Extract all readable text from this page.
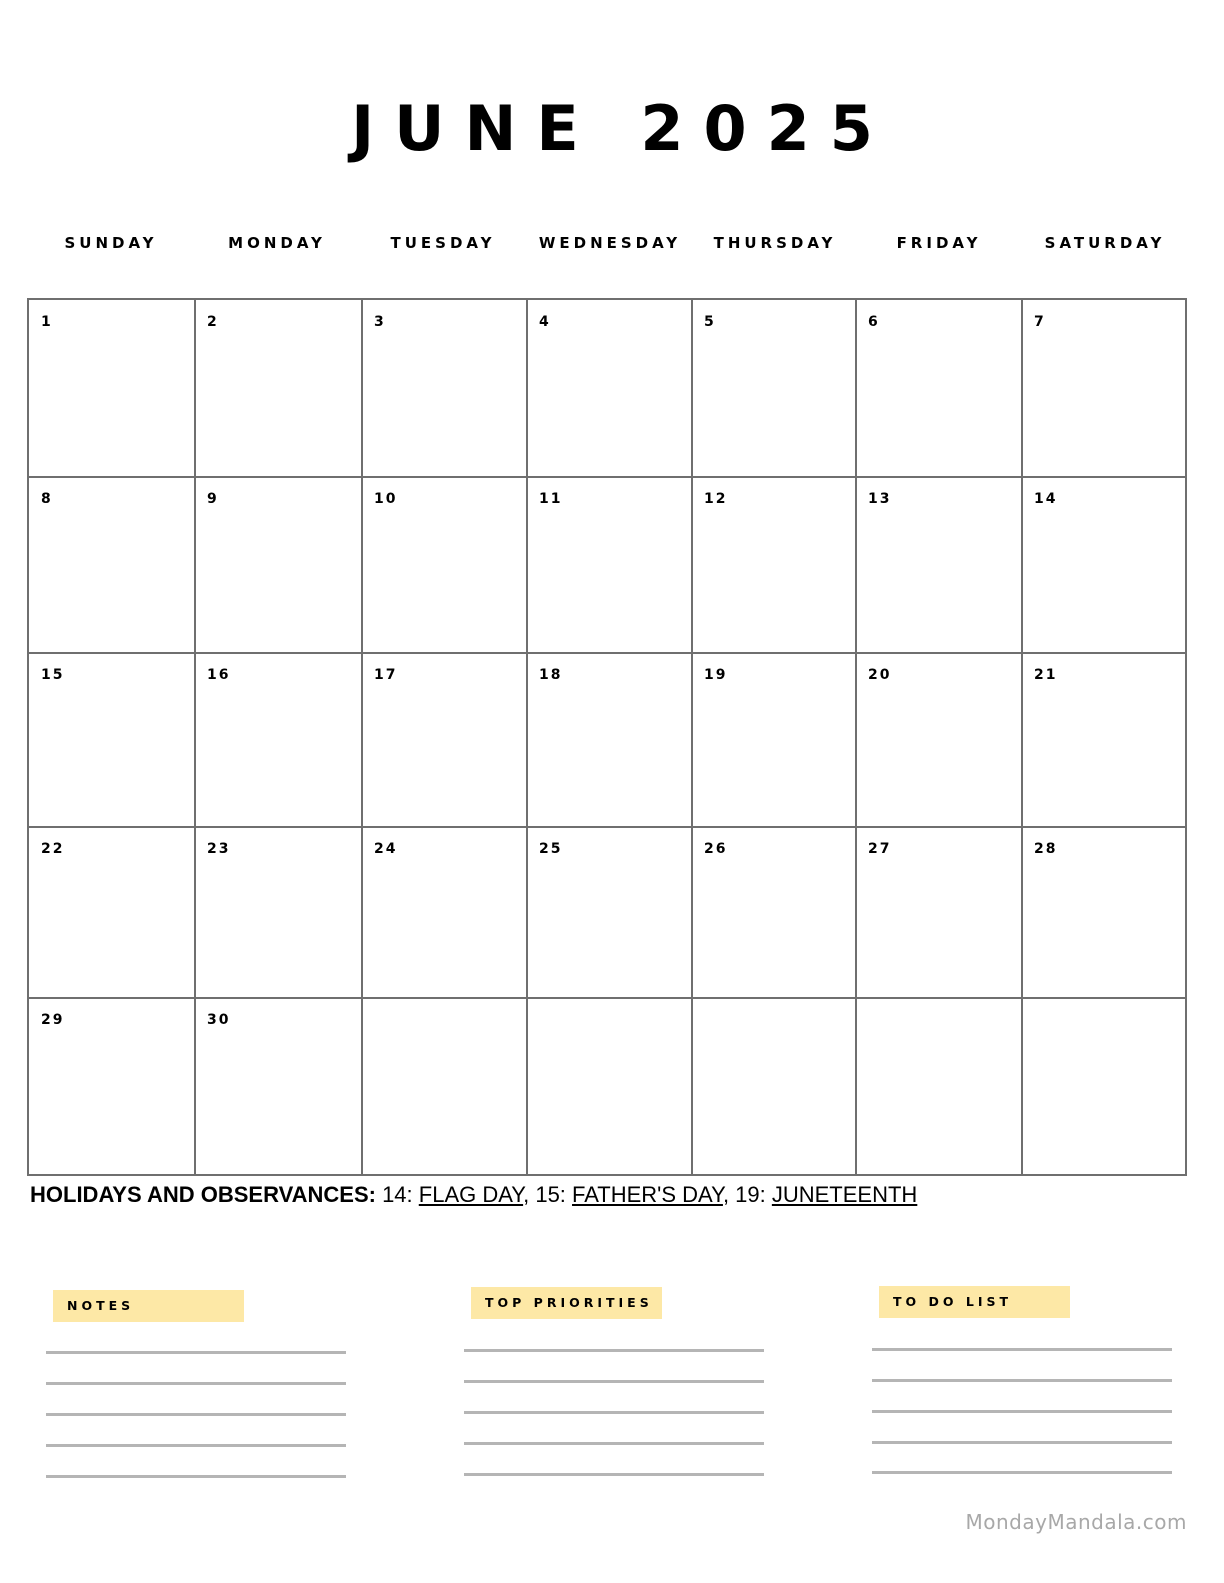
JUNE 2025
SUNDAY	MONDAY	TUESDAY	WEDNESDAY	THURSDAY	FRIDAY	SATURDAY
1	2	3	4	5	6	7
8	9	10	11	12	13	14
15	16	17	18	19	20	21
22	23	24	25	26	27	28
29	30
HOLIDAYS AND OBSERVANCES: 14: FLAG DAY, 15: FATHER'S DAY, 19: JUNETEENTH
NOTES	TOP PRIORITIES	TO DO LIST
MondayMandala.com
